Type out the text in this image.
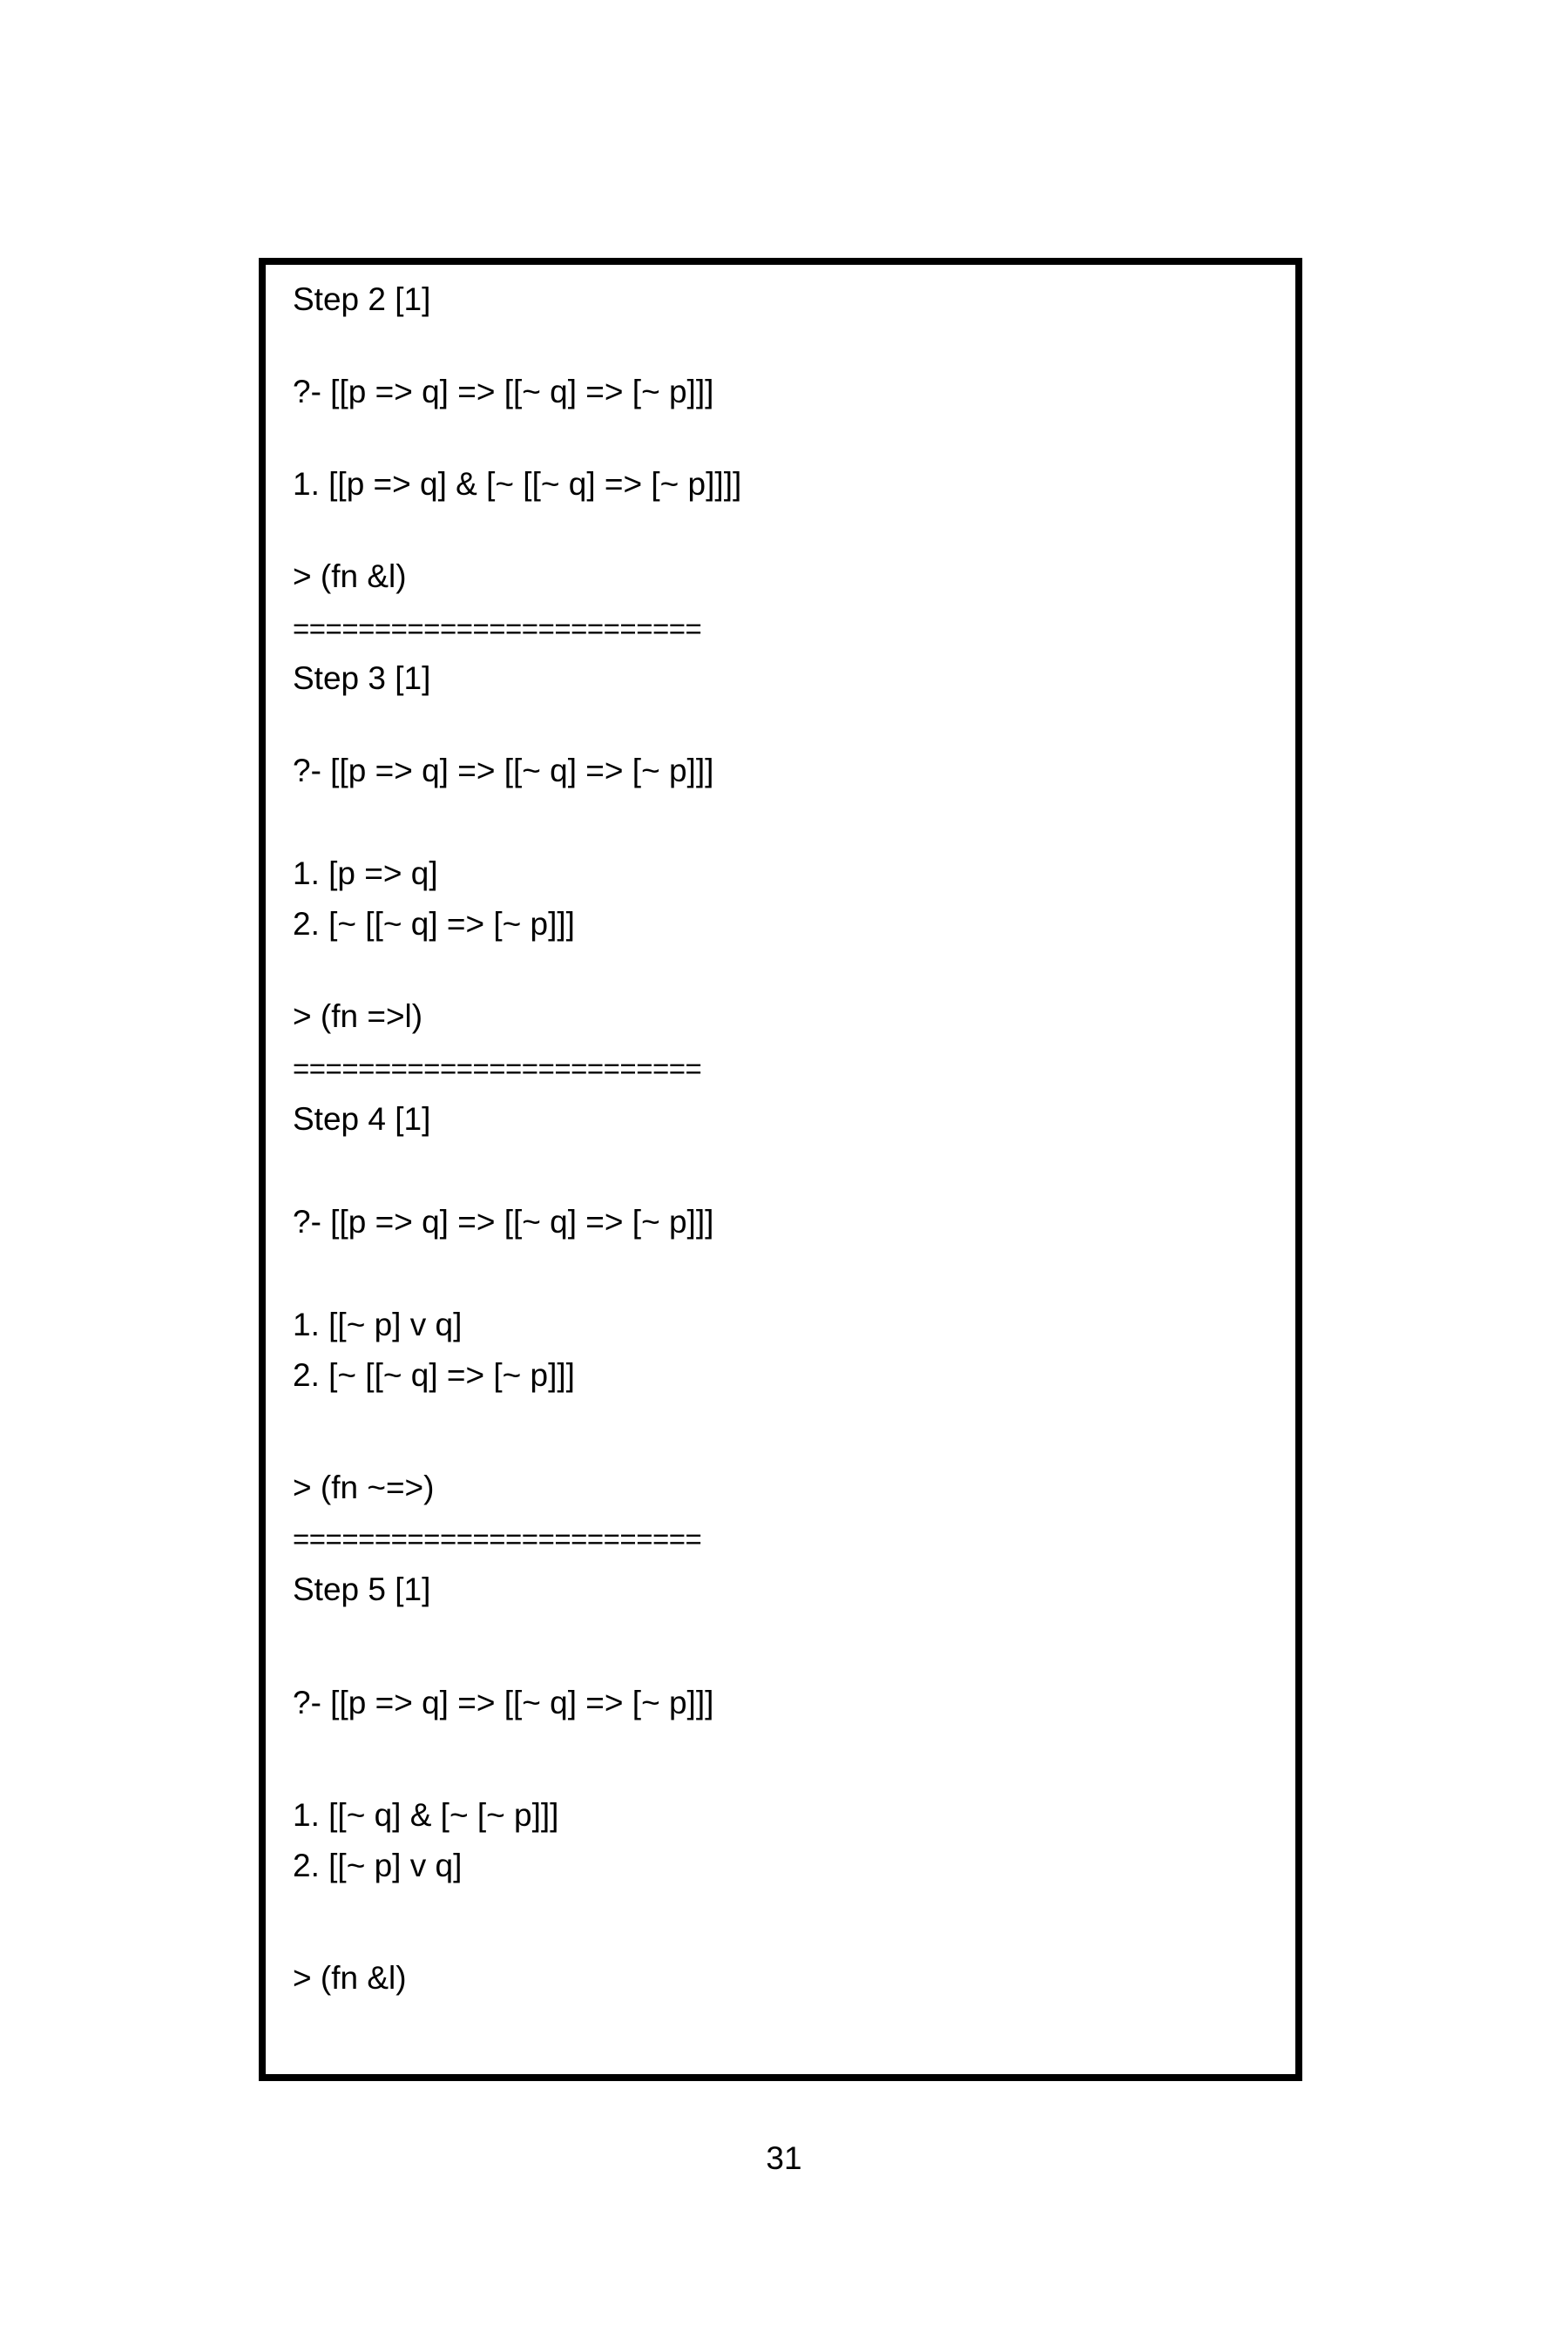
Step 2 [1]
?- [[p => q] => [[~ q] => [~ p]]]
1. [[p => q] & [~ [[~ q] => [~ p]]]]
> (fn &l)
=========================
Step 3 [1]
?- [[p => q] => [[~ q] => [~ p]]]
1. [p => q]
2. [~ [[~ q] => [~ p]]]
> (fn =>l)
=========================
Step 4 [1]
?- [[p => q] => [[~ q] => [~ p]]]
1. [[~ p] v q]
2. [~ [[~ q] => [~ p]]]
> (fn ~=>)
=========================
Step 5 [1]
?- [[p => q] => [[~ q] => [~ p]]]
1. [[~ q] & [~ [~ p]]]
2. [[~ p] v q]
> (fn &l)
31
